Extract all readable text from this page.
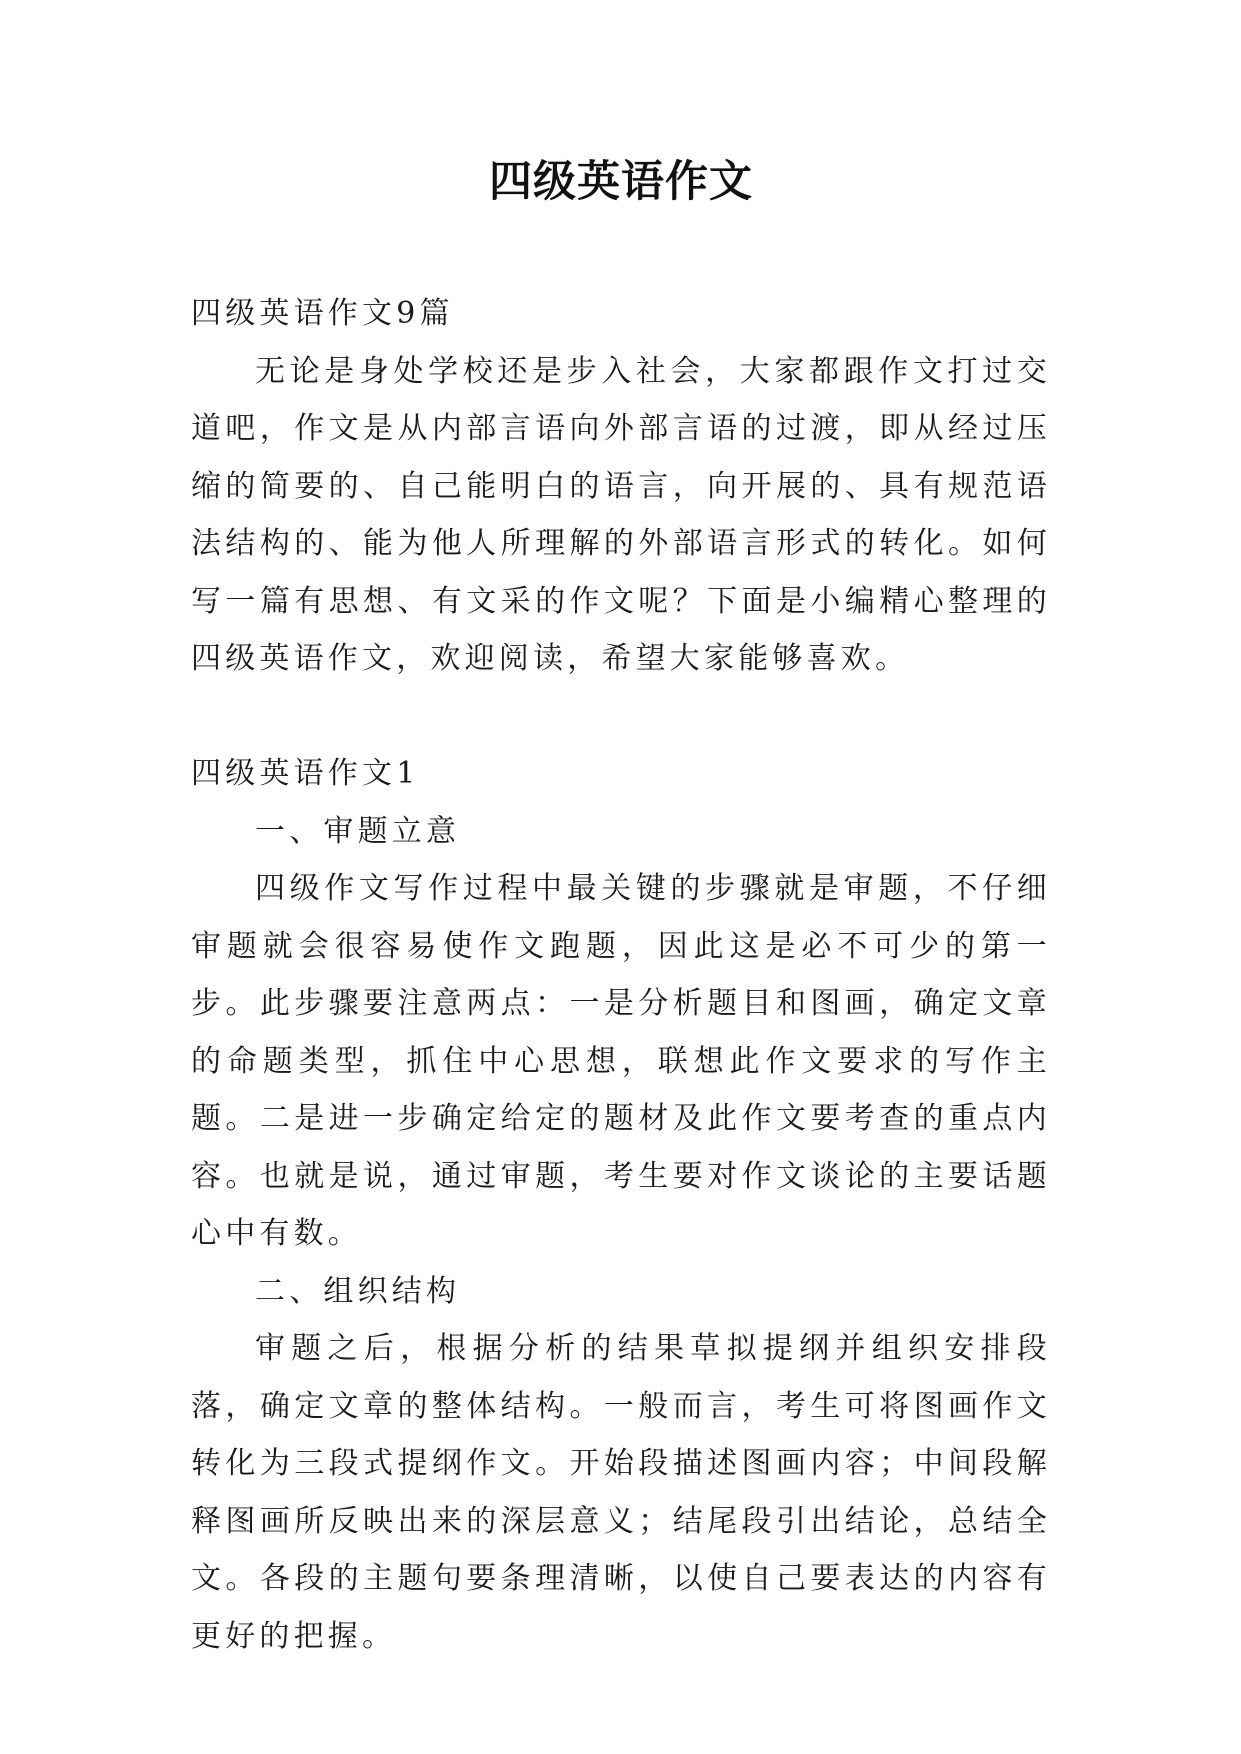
四级英语作文

四级英语作文9篇

无论是身处学校还是步入社会，大家都跟作文打过交道吧，作文是从内部言语向外部言语的过渡，即从经过压缩的简要的、自己能明白的语言，向开展的、具有规范语法结构的、能为他人所理解的外部语言形式的转化。如何写一篇有思想、有文采的作文呢？下面是小编精心整理的四级英语作文，欢迎阅读，希望大家能够喜欢。

四级英语作文1

一、审题立意

四级作文写作过程中最关键的步骤就是审题，不仔细审题就会很容易使作文跑题，因此这是必不可少的第一步。此步骤要注意两点：一是分析题目和图画，确定文章的命题类型，抓住中心思想，联想此作文要求的写作主题。二是进一步确定给定的题材及此作文要考查的重点内容。也就是说，通过审题，考生要对作文谈论的主要话题心中有数。

二、组织结构

审题之后，根据分析的结果草拟提纲并组织安排段落，确定文章的整体结构。一般而言，考生可将图画作文转化为三段式提纲作文。开始段描述图画内容；中间段解释图画所反映出来的深层意义；结尾段引出结论，总结全文。各段的主题句要条理清晰，以使自己要表达的内容有更好的把握。
